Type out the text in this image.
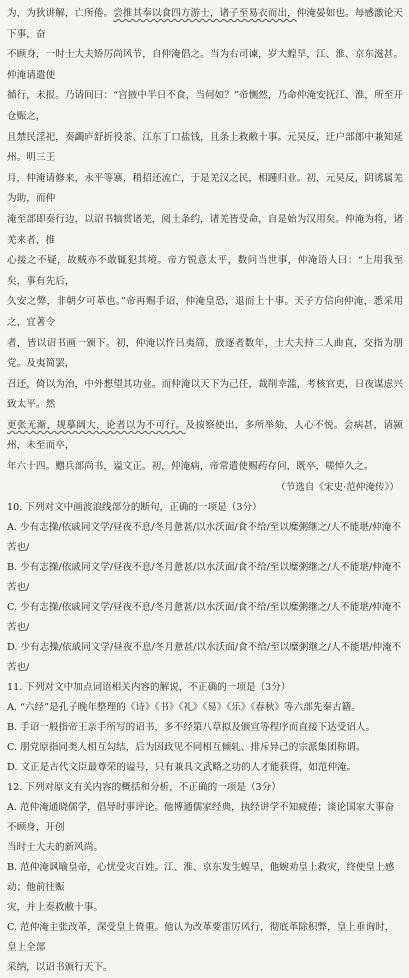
为，为狄讲解，亡所倦。尝推其奉以食四方游士，诸子至易衣而出，仲淹晏如也。每感激论天下事，奋

不顾身，一时士大夫矫厉尚风节，自仲淹倡之。当为右司谏，岁大蝗旱，江、淮、京东滋甚。仲淹请遣使

循行，未报。乃请间曰：“宫掖中半日不食，当何如？”帝恻然，乃命仲淹安抚江、淮，所至开仓赈之，

且禁民淫祀，奏蠲庐舒折役茶、江东丁口盐钱，且条上救敝十事。元昊反，迁户部郎中兼知延州。明三王

月，仲淹请修来，永平等寨，稍招还流亡，于是羌汉之民，相踵归业。初，元昊反，阴诱属羌为助，而仲

淹至部即奏行边，以诏书犒赏诸羌，阅土条约，诸羌皆受命，自是始为汉用矣。仲淹为将，诸羌来者，推

心接之不疑，故贼亦不敢辄犯其境。帝方锐意太平，数问当世事，仲淹语人曰：“上用我至矣，事有先后，

久安之弊，非朝夕可革也。”帝再赐手诏，仲淹皇恐，退而上十事。天子方信向仲淹，悉采用之，宜著令

者，皆以诏书画一颁下。初，仲淹以忤吕夷简，放逐者数年，士大夫持二人曲直，交指为朋党。及夷简罢，

召还，倚以为治，中外想望其功业。而仲淹以天下为己任，裁削幸滥，考核官吏，日夜谋虑兴致太平。然

更张无渐，规摹阔大，论者以为不可行。及按察使出，多所举劾，人心不悦。会病甚，请颍州，未至而卒，

年六十四。赠兵部尚书，谥文正。初，仲淹病，帝常遣使赐药存问，既卒，嗟悼久之。

（节选自《宋史·范仲淹传》）

10. 下列对文中画波浪线部分的断句，正确的一项是（3分）

A. 少有志操/依戚同文学/昼夜不息/冬月惫甚/以水沃面/食不给/至以糜粥继之/人不能堪/仲淹不苦也/

B. 少有志操/依戚同文学/昼夜不息/冬月惫甚/以水沃面/食不给/至以糜粥继之/人不能堪/仲淹不苦也/

C. 少有志操/依戚同文学/昼夜不息/冬月惫甚/以水沃面/食不给/至以糜粥继之/人不能堪/仲淹不苦也/

D. 少有志操/依戚同文学/昼夜不息/冬月惫甚/以水沃面/食不给/至以糜粥继之/人不能堪/仲淹不苦也/

11. 下列对文中加点词语相关内容的解说，不正确的一项是（3分）

A. “六经”是孔子晚年整理的《诗》《书》《礼》《易》《乐》《春秋》等六部先秦古籍。

B. 手诏一般指帝王亲手所写的诏书，多不经第八草拟及颁宣等程序而直接下达受诏人。

C. 朋党原指同类人相互勾结，后为因政见不同相互倾轧、排斥异己的宗派集团称谓。

D. 文正是古代文臣最尊荣的谥号，只有兼具文武略之功的人才能获得，如范仲淹。

12. 下列对原文有关内容的概括和分析，不正确的一项是（3分）

A. 范仲淹通晓儒学，倡导时事评论。他博通儒家经典，执经讲学不知疲倦；谈论国家大事奋不顾身，开创

当时士大夫的新风尚。

B. 范仲淹讽喻皇帝，心忧受灾百姓。江、淮、京东发生蝗旱，他婉劝皇上救灾，终使皇上感动；他前往赈

灾，并上奏救敝十事。

C. 范仲淹主张改革，深受皇上倚重。他认为改革要雷厉风行，彻底革除积弊，皇上垂询时，皇上全部

采纳，以诏书颁行天下。
